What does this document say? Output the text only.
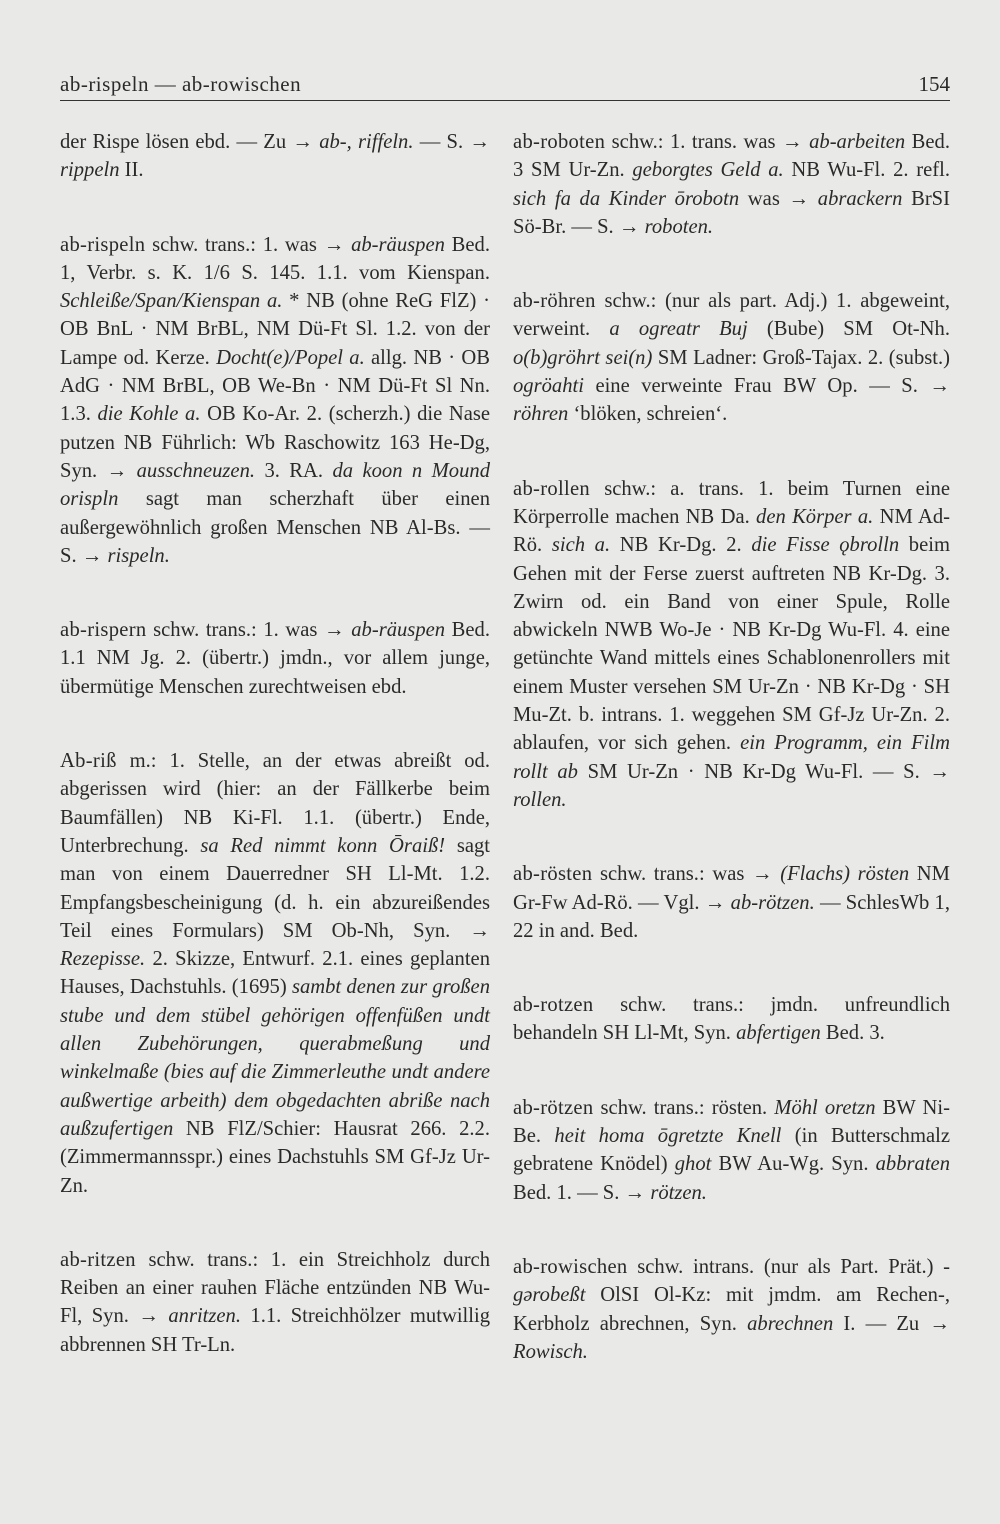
ab-rispeln — ab-rowischen	154

der Rispe lösen ebd. — Zu → ab-, riffeln. — S. → rippeln II.

ab-rispeln schw. trans.: 1. was → ab-räuspen Bed. 1, Verbr. s. K. 1/6 S. 145. 1.1. vom Kienspan. Schleiße/Span/Kienspan a. * NB (ohne ReG FlZ) · OB BnL · NM BrBL, NM Dü-Ft Sl. 1.2. von der Lampe od. Kerze. Docht(e)/Popel a. allg. NB · OB AdG · NM BrBL, OB We-Bn · NM Dü-Ft Sl Nn. 1.3. die Kohle a. OB Ko-Ar. 2. (scherzh.) die Nase putzen NB Führlich: Wb Raschowitz 163 He-Dg, Syn. → ausschneuzen. 3. RA. da koon n Mound orispln sagt man scherzhaft über einen außergewöhnlich großen Menschen NB Al-Bs. — S. → rispeln.

ab-rispern schw. trans.: 1. was → ab-räuspen Bed. 1.1 NM Jg. 2. (übertr.) jmdn., vor allem junge, übermütige Menschen zurechtweisen ebd.

Ab-riß m.: 1. Stelle, an der etwas abreißt od. abgerissen wird (hier: an der Fällkerbe beim Baumfällen) NB Ki-Fl. 1.1. (übertr.) Ende, Unterbrechung. sa Red nimmt konn Ōraiß! sagt man von einem Dauerredner SH Ll-Mt. 1.2. Empfangsbescheinigung (d. h. ein abzureißendes Teil eines Formulars) SM Ob-Nh, Syn. → Rezepisse. 2. Skizze, Entwurf. 2.1. eines geplanten Hauses, Dachstuhls. (1695) sambt denen zur großen stube und dem stübel gehörigen offenfüßen undt allen Zubehörungen, querabmeßung und winkelmaße (bies auf die Zimmerleuthe undt andere außwertige arbeith) dem obgedachten abriße nach außzufertigen NB FlZ/Schier: Hausrat 266. 2.2. (Zimmermannsspr.) eines Dachstuhls SM Gf-Jz Ur-Zn.

ab-ritzen schw. trans.: 1. ein Streichholz durch Reiben an einer rauhen Fläche entzünden NB Wu-Fl, Syn. → anritzen. 1.1. Streichhölzer mutwillig abbrennen SH Tr-Ln.

ab-roboten schw.: 1. trans. was → ab-arbeiten Bed. 3 SM Ur-Zn. geborgtes Geld a. NB Wu-Fl. 2. refl. sich fa da Kinder ōrobotn was → abrackern BrSI Sö-Br. — S. → roboten.

ab-röhren schw.: (nur als part. Adj.) 1. abgeweint, verweint. a ogreatr Buj (Bube) SM Ot-Nh. o(b)gröhrt sei(n) SM Ladner: Groß-Tajax. 2. (subst.) ogröahti eine verweinte Frau BW Op. — S. → röhren ‘blöken, schreien‘.

ab-rollen schw.: a. trans. 1. beim Turnen eine Körperrolle machen NB Da. den Körper a. NM Ad-Rö. sich a. NB Kr-Dg. 2. die Fisse ǫbrolln beim Gehen mit der Ferse zuerst auftreten NB Kr-Dg. 3. Zwirn od. ein Band von einer Spule, Rolle abwickeln NWB Wo-Je · NB Kr-Dg Wu-Fl. 4. eine getünchte Wand mittels eines Schablonenrollers mit einem Muster versehen SM Ur-Zn · NB Kr-Dg · SH Mu-Zt. b. intrans. 1. weggehen SM Gf-Jz Ur-Zn. 2. ablaufen, vor sich gehen. ein Programm, ein Film rollt ab SM Ur-Zn · NB Kr-Dg Wu-Fl. — S. → rollen.

ab-rösten schw. trans.: was → (Flachs) rösten NM Gr-Fw Ad-Rö. — Vgl. → ab-rötzen. — SchlesWb 1, 22 in and. Bed.

ab-rotzen schw. trans.: jmdn. unfreundlich behandeln SH Ll-Mt, Syn. abfertigen Bed. 3.

ab-rötzen schw. trans.: rösten. Möhl oretzn BW Ni-Be. heit homa ōgretzte Knell (in Butterschmalz gebratene Knödel) ghot BW Au-Wg. Syn. abbraten Bed. 1. — S. → rötzen.

ab-rowischen schw. intrans. (nur als Part. Prät.) -gərobeßt OlSI Ol-Kz: mit jmdm. am Rechen-, Kerbholz abrechnen, Syn. abrechnen I. — Zu → Rowisch.
